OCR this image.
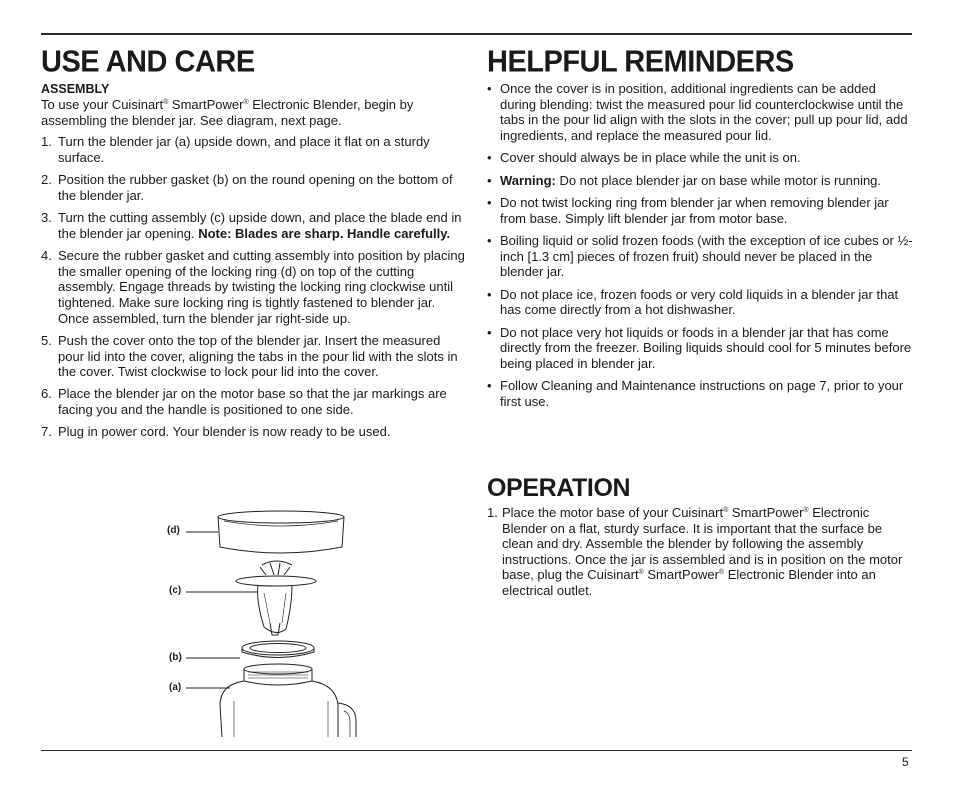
USE AND CARE

ASSEMBLY

To use your Cuisinart® SmartPower® Electronic Blender, begin by assembling the blender jar. See diagram, next page.

1. Turn the blender jar (a) upside down, and place it flat on a sturdy surface.
2. Position the rubber gasket (b) on the round opening on the bottom of the blender jar.
3. Turn the cutting assembly (c) upside down, and place the blade end in the blender jar opening. Note: Blades are sharp. Handle carefully.
4. Secure the rubber gasket and cutting assembly into position by placing the smaller opening of the locking ring (d) on top of the cutting assembly. Engage threads by twisting the locking ring clockwise until tightened. Make sure locking ring is tightly fastened to blender jar. Once assembled, turn the blender jar right-side up.
5. Push the cover onto the top of the blender jar. Insert the measured pour lid into the cover, aligning the tabs in the pour lid with the slots in the cover. Twist clockwise to lock pour lid into the cover.
6. Place the blender jar on the motor base so that the jar markings are facing you and the handle is positioned to one side.
7. Plug in power cord. Your blender is now ready to be used.
(d)
(c)
(b)
(a)
HELPFUL REMINDERS
• Once the cover is in position, additional ingredients can be added during blending: twist the measured pour lid counterclockwise until the tabs in the pour lid align with the slots in the cover; pull up pour lid, add ingredients, and replace the measured pour lid.
• Cover should always be in place while the unit is on.
• Warning: Do not place blender jar on base while motor is running.
• Do not twist locking ring from blender jar when removing blender jar from base. Simply lift blender jar from motor base.
• Boiling liquid or solid frozen foods (with the exception of ice cubes or ½-inch [1.3 cm] pieces of frozen fruit) should never be placed in the blender jar.
• Do not place ice, frozen foods or very cold liquids in a blender jar that has come directly from a hot dishwasher.
• Do not place very hot liquids or foods in a blender jar that has come directly from the freezer. Boiling liquids should cool for 5 minutes before being placed in blender jar.
• Follow Cleaning and Maintenance instructions on page 7, prior to your first use.
OPERATION
1. Place the motor base of your Cuisinart® SmartPower® Electronic Blender on a flat, sturdy surface. It is important that the surface be clean and dry. Assemble the blender by following the assembly instructions. Once the jar is assembled and is in position on the motor base, plug the Cuisinart® SmartPower® Electronic Blender into an electrical outlet.
5
